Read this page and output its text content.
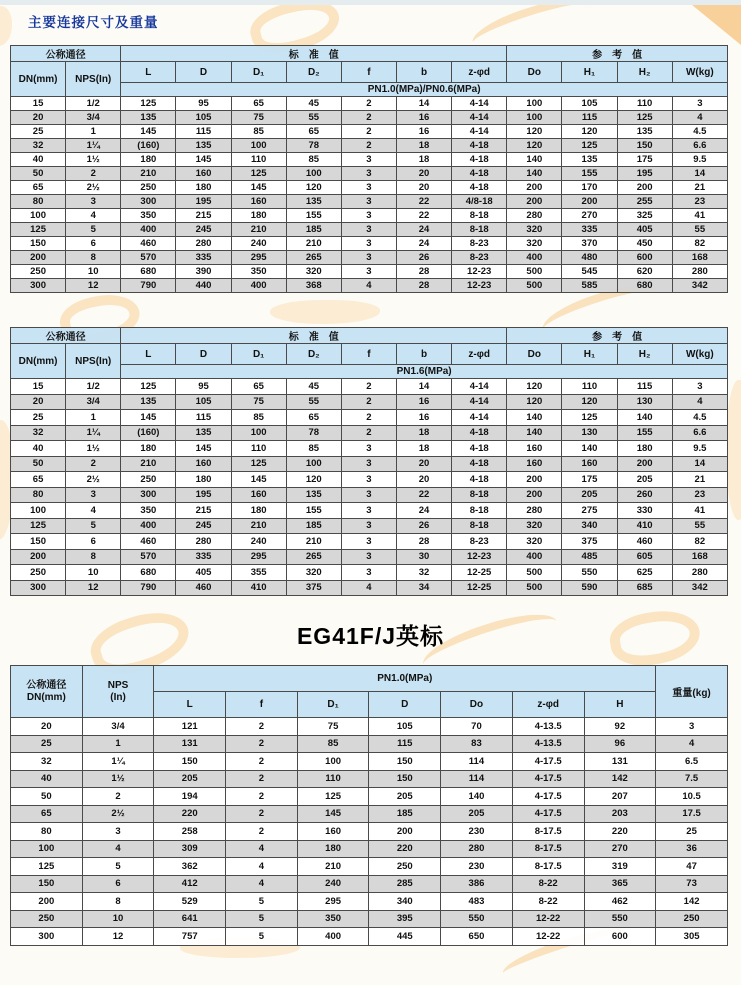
主要连接尺寸及重量
公称通径		标　准　值							参　考　值			
DN(mm)	NPS(In)	L	D	D₁	D₂	f	b	z-φd	Do	H₁	H₂	W(kg)
		PN1.0(MPa)/PN0.6(MPa)										
15	1/2	125	95	65	45	2	14	4-14	100	105	110	3
20	3/4	135	105	75	55	2	16	4-14	100	115	125	4
25	1	145	115	85	65	2	16	4-14	120	120	135	4.5
32	1¼	(160)	135	100	78	2	18	4-18	120	125	150	6.6
40	1½	180	145	110	85	3	18	4-18	140	135	175	9.5
50	2	210	160	125	100	3	20	4-18	140	155	195	14
65	2½	250	180	145	120	3	20	4-18	200	170	200	21
80	3	300	195	160	135	3	22	4/8-18	200	200	255	23
100	4	350	215	180	155	3	22	8-18	280	270	325	41
125	5	400	245	210	185	3	24	8-18	320	335	405	55
150	6	460	280	240	210	3	24	8-23	320	370	450	82
200	8	570	335	295	265	3	26	8-23	400	480	600	168
250	10	680	390	350	320	3	28	12-23	500	545	620	280
300	12	790	440	400	368	4	28	12-23	500	585	680	342
公称通径		标　准　值							参　考　值			
DN(mm)	NPS(In)	L	D	D₁	D₂	f	b	z-φd	Do	H₁	H₂	W(kg)
		PN1.6(MPa)										
15	1/2	125	95	65	45	2	14	4-14	120	110	115	3
20	3/4	135	105	75	55	2	16	4-14	120	120	130	4
25	1	145	115	85	65	2	16	4-14	140	125	140	4.5
32	1¼	(160)	135	100	78	2	18	4-18	140	130	155	6.6
40	1½	180	145	110	85	3	18	4-18	160	140	180	9.5
50	2	210	160	125	100	3	20	4-18	160	160	200	14
65	2½	250	180	145	120	3	20	4-18	200	175	205	21
80	3	300	195	160	135	3	22	8-18	200	205	260	23
100	4	350	215	180	155	3	24	8-18	280	275	330	41
125	5	400	245	210	185	3	26	8-18	320	340	410	55
150	6	460	280	240	210	3	28	8-23	320	375	460	82
200	8	570	335	295	265	3	30	12-23	400	485	605	168
250	10	680	405	355	320	3	32	12-25	500	550	625	280
300	12	790	460	410	375	4	34	12-25	500	590	685	342
EG41F/J英标
公称通径
DN(mm)	NPS
(In)	PN1.0(MPa)							重量(kg)
		L	f	D₁	D	Do	z-φd	H	
20	3/4	121	2	75	105	70	4-13.5	92	3
25	1	131	2	85	115	83	4-13.5	96	4
32	1¼	150	2	100	150	114	4-17.5	131	6.5
40	1½	205	2	110	150	114	4-17.5	142	7.5
50	2	194	2	125	205	140	4-17.5	207	10.5
65	2½	220	2	145	185	205	4-17.5	203	17.5
80	3	258	2	160	200	230	8-17.5	220	25
100	4	309	4	180	220	280	8-17.5	270	36
125	5	362	4	210	250	230	8-17.5	319	47
150	6	412	4	240	285	386	8-22	365	73
200	8	529	5	295	340	483	8-22	462	142
250	10	641	5	350	395	550	12-22	550	250
300	12	757	5	400	445	650	12-22	600	305
